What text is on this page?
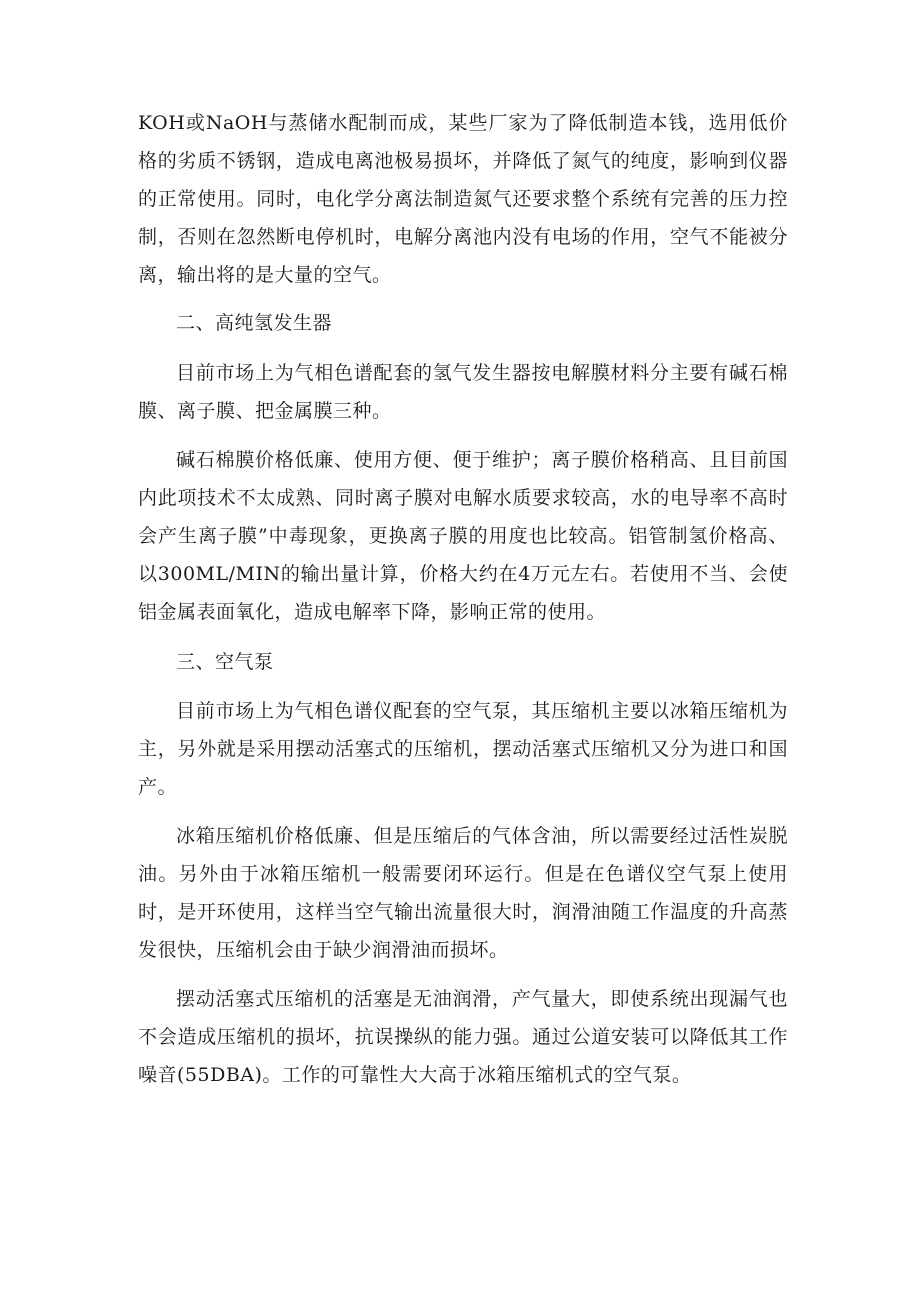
KOH或NaOH与蒸储水配制而成，某些厂家为了降低制造本钱，选用低价格的劣质不锈钢，造成电离池极易损坏，并降低了氮气的纯度，影响到仪器的正常使用。同时，电化学分离法制造氮气还要求整个系统有完善的压力控制，否则在忽然断电停机时，电解分离池内没有电场的作用，空气不能被分离，输出将的是大量的空气。

二、高纯氢发生器

目前市场上为气相色谱配套的氢气发生器按电解膜材料分主要有碱石棉膜、离子膜、把金属膜三种。

碱石棉膜价格低廉、使用方便、便于维护；离子膜价格稍高、且目前国内此项技术不太成熟、同时离子膜对电解水质要求较高，水的电导率不高时会产生离子膜”中毒现象，更换离子膜的用度也比较高。铝管制氢价格高、以300ML/MIN的输出量计算，价格大约在4万元左右。若使用不当、会使铝金属表面氧化，造成电解率下降，影响正常的使用。

三、空气泵

目前市场上为气相色谱仪配套的空气泵，其压缩机主要以冰箱压缩机为主，另外就是采用摆动活塞式的压缩机，摆动活塞式压缩机又分为进口和国产。

冰箱压缩机价格低廉、但是压缩后的气体含油，所以需要经过活性炭脱油。另外由于冰箱压缩机一般需要闭环运行。但是在色谱仪空气泵上使用时，是开环使用，这样当空气输出流量很大时，润滑油随工作温度的升高蒸发很快，压缩机会由于缺少润滑油而损坏。

摆动活塞式压缩机的活塞是无油润滑，产气量大，即使系统出现漏气也不会造成压缩机的损坏，抗误操纵的能力强。通过公道安装可以降低其工作噪音(55DBA)。工作的可靠性大大高于冰箱压缩机式的空气泵。
